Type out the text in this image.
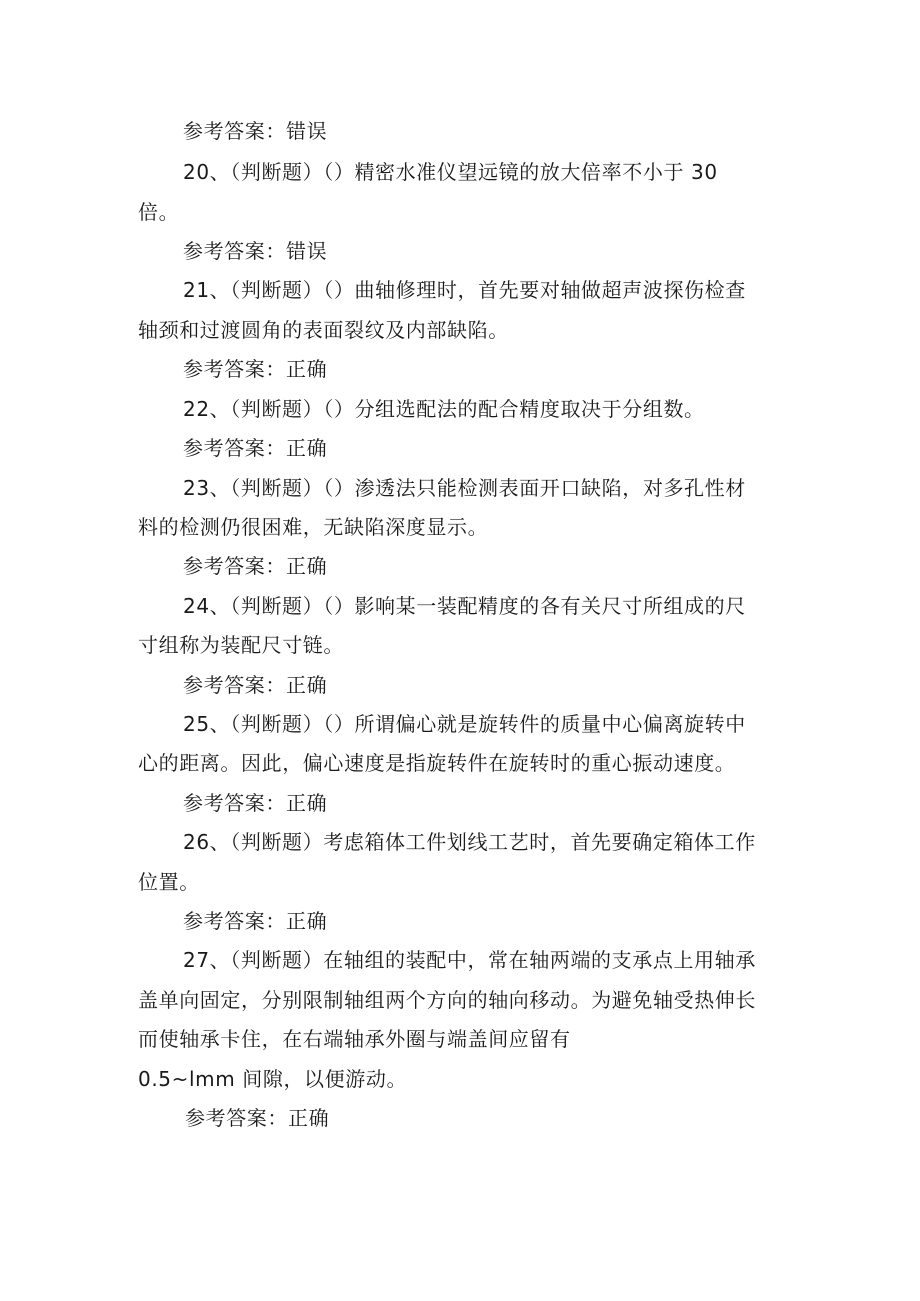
参考答案：错误
20、（判断题）（）精密水准仪望远镜的放大倍率不小于 30
倍。
参考答案：错误
21、（判断题）（）曲轴修理时，首先要对轴做超声波探伤检查
轴颈和过渡圆角的表面裂纹及内部缺陷。
参考答案：正确
22、（判断题）（）分组选配法的配合精度取决于分组数。
参考答案：正确
23、（判断题）（）渗透法只能检测表面开口缺陷，对多孔性材
料的检测仍很困难，无缺陷深度显示。
参考答案：正确
24、（判断题）（）影响某一装配精度的各有关尺寸所组成的尺
寸组称为装配尺寸链。
参考答案：正确
25、（判断题）（）所谓偏心就是旋转件的质量中心偏离旋转中
心的距离。因此，偏心速度是指旋转件在旋转时的重心振动速度。
参考答案：正确
26、（判断题）考虑箱体工件划线工艺时，首先要确定箱体工作
位置。
参考答案：正确
27、（判断题）在轴组的装配中，常在轴两端的支承点上用轴承
盖单向固定，分别限制轴组两个方向的轴向移动。为避免轴受热伸长
而使轴承卡住，在右端轴承外圈与端盖间应留有
0.5~lmm 间隙，以便游动。
参考答案：正确
